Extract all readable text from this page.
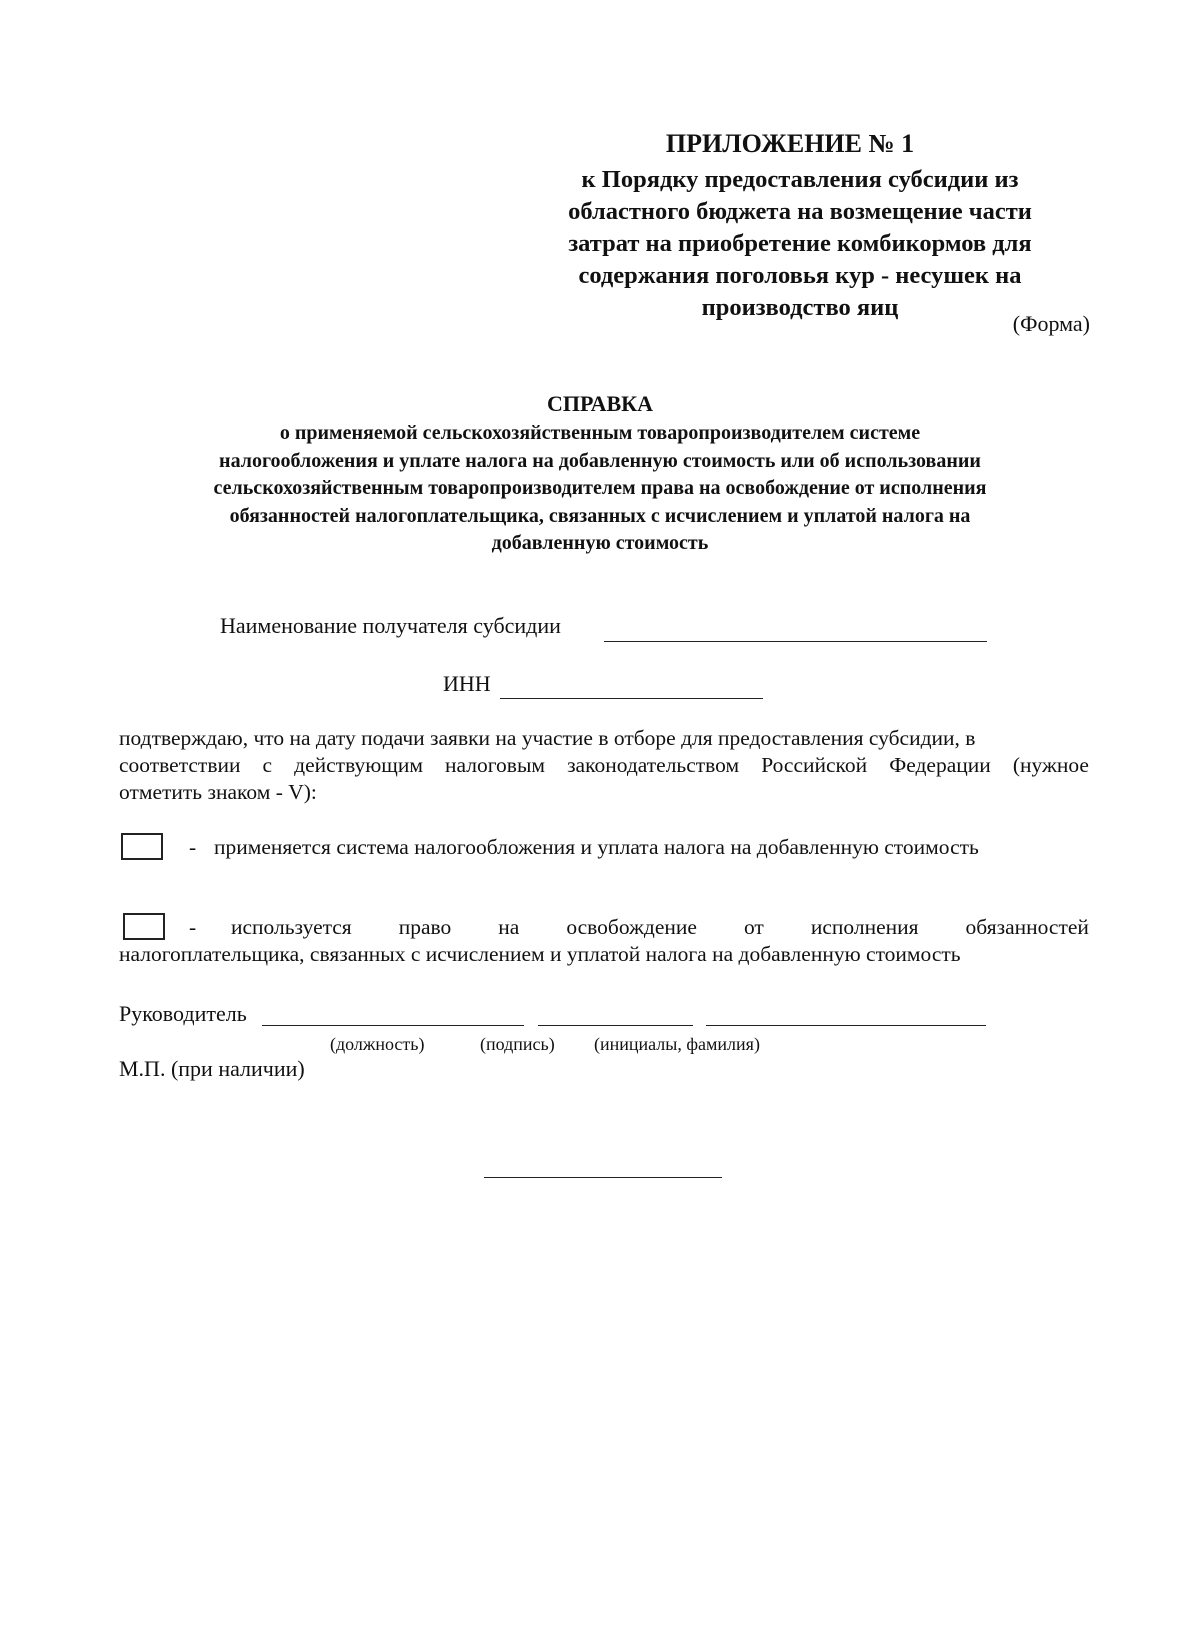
ПРИЛОЖЕНИЕ № 1
к Порядку предоставления субсидии из
областного бюджета на возмещение части
затрат на приобретение комбикормов для
содержания поголовья кур - несушек на
производство яиц
(Форма)
СПРАВКА
о применяемой сельскохозяйственным товаропроизводителем системе
налогообложения и уплате налога на добавленную стоимость или об использовании
сельскохозяйственным товаропроизводителем права на освобождение от исполнения
обязанностей налогоплательщика, связанных с исчислением и уплатой налога на
добавленную стоимость
Наименование получателя субсидии
ИНН
подтверждаю, что на дату подачи заявки на участие в отборе для предоставления субсидии, в
соответствии с действующим налоговым законодательством Российской Федерации (нужное
отметить знаком - V):
- применяется система налогообложения и уплата налога на добавленную стоимость
- используется право на освобождение от исполнения обязанностей
налогоплательщика, связанных с исчислением и уплатой налога на добавленную стоимость
Руководитель
(должность)	(подпись) (инициалы, фамилия)
М.П. (при наличии)
